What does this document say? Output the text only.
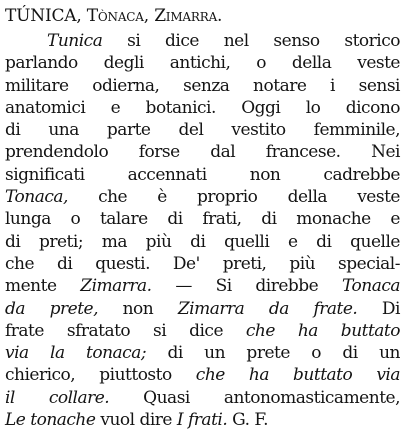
TÚNICA, Tònaca, Zimarra.
Tunica si dice nel senso storico
parlando degli antichi, o della veste
militare odierna, senza notare i sensi
anatomici e botanici. Oggi lo dicono
di una parte del vestito femminile,
prendendolo forse dal francese. Nei
significati accennati non cadrebbe
Tonaca, che è proprio della veste
lunga o talare di frati, di monache e
di preti; ma più di quelli e di quelle
che di questi. De' preti, più special-
mente Zimarra. — Si direbbe Tonaca
da prete, non Zimarra da frate. Di
frate sfratato si dice che ha buttato
via la tonaca; di un prete o di un
chierico, piuttosto che ha buttato via
il collare. Quasi antonomasticamente,
Le tonache vuol dire I frati. G. F.
